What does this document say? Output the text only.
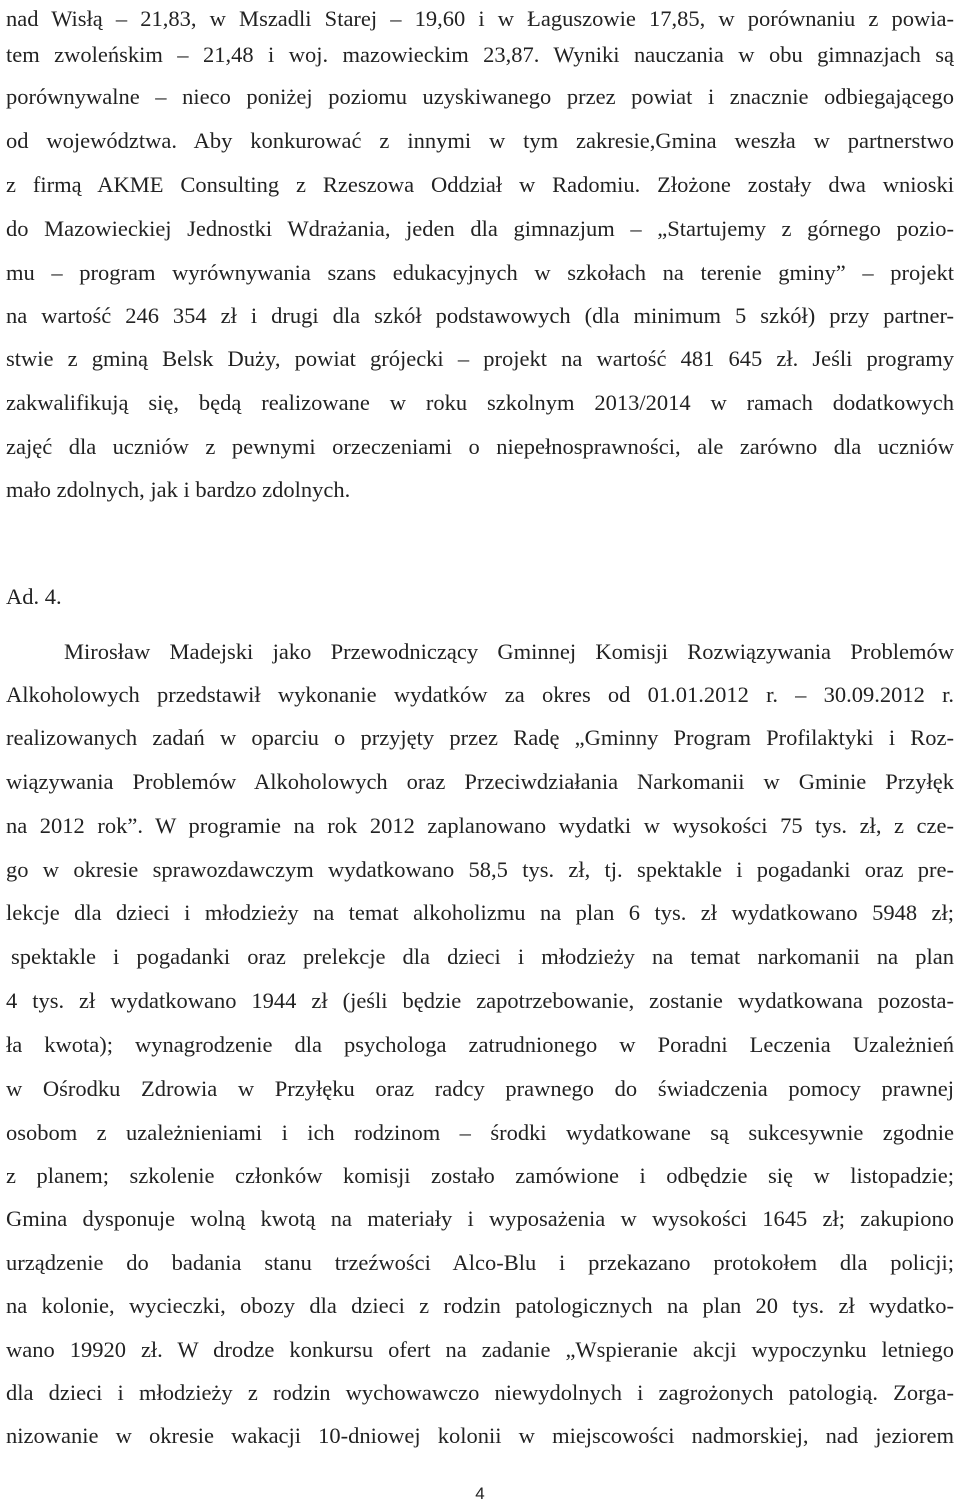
nad Wisłą – 21,83, w Mszadli Starej – 19,60 i w Łaguszowie 17,85, w porównaniu z powia-
tem zwoleńskim – 21,48 i woj. mazowieckim 23,87. Wyniki nauczania w obu gimnazjach są
porównywalne – nieco poniżej poziomu uzyskiwanego przez powiat i znacznie odbiegającego
od województwa. Aby konkurować z innymi w tym zakresie,Gmina weszła w partnerstwo
z firmą AKME Consulting z Rzeszowa Oddział w Radomiu. Złożone zostały dwa wnioski
do Mazowieckiej Jednostki Wdrażania, jeden dla gimnazjum – „Startujemy z górnego pozio-
mu – program wyrównywania szans edukacyjnych w szkołach na terenie gminy” – projekt
na wartość 246 354 zł i drugi dla szkół podstawowych (dla minimum 5 szkół) przy partner-
stwie z gminą Belsk Duży, powiat grójecki – projekt na wartość 481 645 zł. Jeśli programy
zakwalifikują się, będą realizowane w roku szkolnym 2013/2014 w ramach dodatkowych
zajęć dla uczniów z pewnymi orzeczeniami o niepełnosprawności, ale zarówno dla uczniów
mało zdolnych, jak i bardzo zdolnych.
Ad. 4.
Mirosław Madejski jako Przewodniczący Gminnej Komisji Rozwiązywania Problemów
Alkoholowych przedstawił wykonanie wydatków za okres od 01.01.2012 r. – 30.09.2012 r.
realizowanych zadań w oparciu o przyjęty przez Radę „Gminny Program Profilaktyki i Roz-
wiązywania Problemów Alkoholowych oraz Przeciwdziałania Narkomanii w Gminie Przyłęk
na 2012 rok”. W programie na rok 2012 zaplanowano wydatki w wysokości 75 tys. zł, z cze-
go w okresie sprawozdawczym wydatkowano 58,5 tys. zł, tj. spektakle i pogadanki oraz pre-
lekcje dla dzieci i młodzieży na temat alkoholizmu na plan 6 tys. zł wydatkowano 5948 zł;
spektakle i pogadanki oraz prelekcje dla dzieci i młodzieży na temat narkomanii na plan
4 tys. zł wydatkowano 1944 zł (jeśli będzie zapotrzebowanie, zostanie wydatkowana pozosta-
ła kwota); wynagrodzenie dla psychologa zatrudnionego w Poradni Leczenia Uzależnień
w Ośrodku Zdrowia w Przyłęku oraz radcy prawnego do świadczenia pomocy prawnej
osobom z uzależnieniami i ich rodzinom – środki wydatkowane są sukcesywnie zgodnie
z planem; szkolenie członków komisji zostało zamówione i odbędzie się w listopadzie;
Gmina dysponuje wolną kwotą na materiały i wyposażenia w wysokości 1645 zł; zakupiono
urządzenie do badania stanu trzeźwości Alco-Blu i przekazano protokołem dla policji;
na kolonie, wycieczki, obozy dla dzieci z rodzin patologicznych na plan 20 tys. zł wydatko-
wano 19920 zł. W drodze konkursu ofert na zadanie „Wspieranie akcji wypoczynku letniego
dla dzieci i młodzieży z rodzin wychowawczo niewydolnych i zagrożonych patologią. Zorga-
nizowanie w okresie wakacji 10-dniowej kolonii w miejscowości nadmorskiej, nad jeziorem
4
